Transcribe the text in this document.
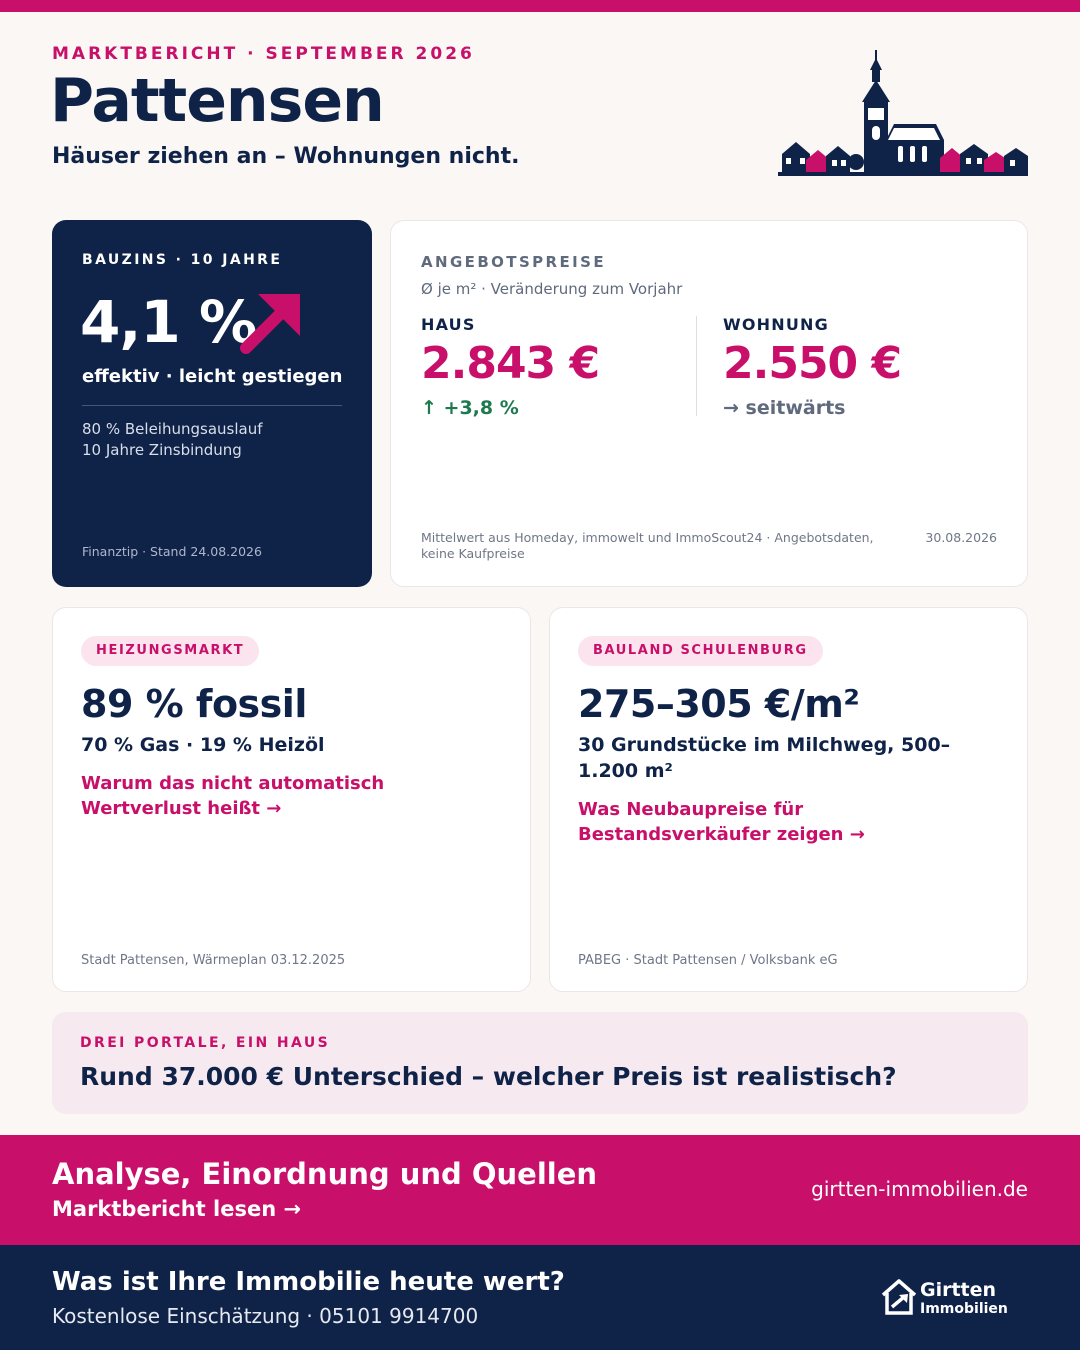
MARKTBERICHT · SEPTEMBER 2026
Pattensen
Häuser ziehen an – Wohnungen nicht.
BAUZINS · 10 JAHRE
4,1 %
effektiv · leicht gestiegen
80 % Beleihungsauslauf
10 Jahre Zinsbindung
Finanztip · Stand 24.08.2026
ANGEBOTSPREISE
Ø je m² · Veränderung zum Vorjahr
HAUS
2.843 €
↑ +3,8 %
WOHNUNG
2.550 €
→ seitwärts
Mittelwert aus Homeday, immowelt und ImmoScout24 · Angebotsdaten, keine Kaufpreise
30.08.2026
HEIZUNGSMARKT
89 % fossil
70 % Gas · 19 % Heizöl
Warum das nicht automatisch Wertverlust heißt →
Stadt Pattensen, Wärmeplan 03.12.2025
BAULAND SCHULENBURG
275–305 €/m²
30 Grundstücke im Milchweg, 500–1.200 m²
Was Neubaupreise für Bestandsverkäufer zeigen →
PABEG · Stadt Pattensen / Volksbank eG
DREI PORTALE, EIN HAUS
Rund 37.000 € Unterschied – welcher Preis ist realistisch?
Analyse, Einordnung und Quellen
Marktbericht lesen →
girtten-immobilien.de
Was ist Ihre Immobilie heute wert?
Kostenlose Einschätzung · 05101 9914700
Girtten
Immobilien
